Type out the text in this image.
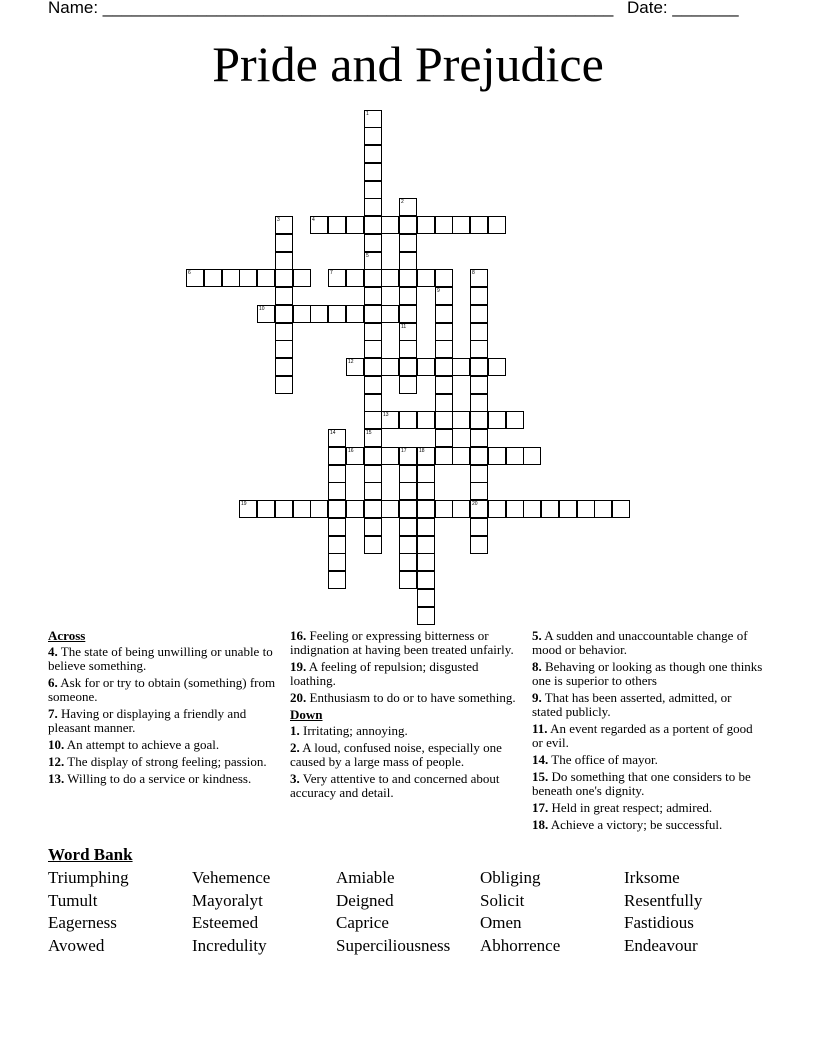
Name: ______________________________________________________ Date: _______
Pride and Prejudice
1
5
2
3	4
6	7	8
20
9
10
11
12
13
14	15
16	17 18
19
Across
4. The state of being unwilling or unable to believe something.
6. Ask for or try to obtain (something) from someone.
7. Having or displaying a friendly and pleasant manner.
10. An attempt to achieve a goal.
12. The display of strong feeling; passion.
13. Willing to do a service or kindness.
16. Feeling or expressing bitterness or indignation at having been treated unfairly.
19. A feeling of repulsion; disgusted loathing.
20. Enthusiasm to do or to have something.
Down
1. Irritating; annoying.
2. A loud, confused noise, especially one caused by a large mass of people.
3. Very attentive to and concerned about accuracy and detail.
5. A sudden and unaccountable change of mood or behavior.
8. Behaving or looking as though one thinks one is superior to others
9. That has been asserted, admitted, or stated publicly.
11. An event regarded as a portent of good or evil.
14. The office of mayor.
15. Do something that one considers to be beneath one's dignity.
17. Held in great respect; admired.
18. Achieve a victory; be successful.
Word Bank
Triumphing	Vehemence	Amiable	Obliging	Irksome
Tumult	Mayoralyt	Deigned	Solicit	Resentfully
Eagerness	Esteemed	Caprice	Omen	Fastidious
Avowed	Incredulity	Superciliousness	Abhorrence	Endeavour
